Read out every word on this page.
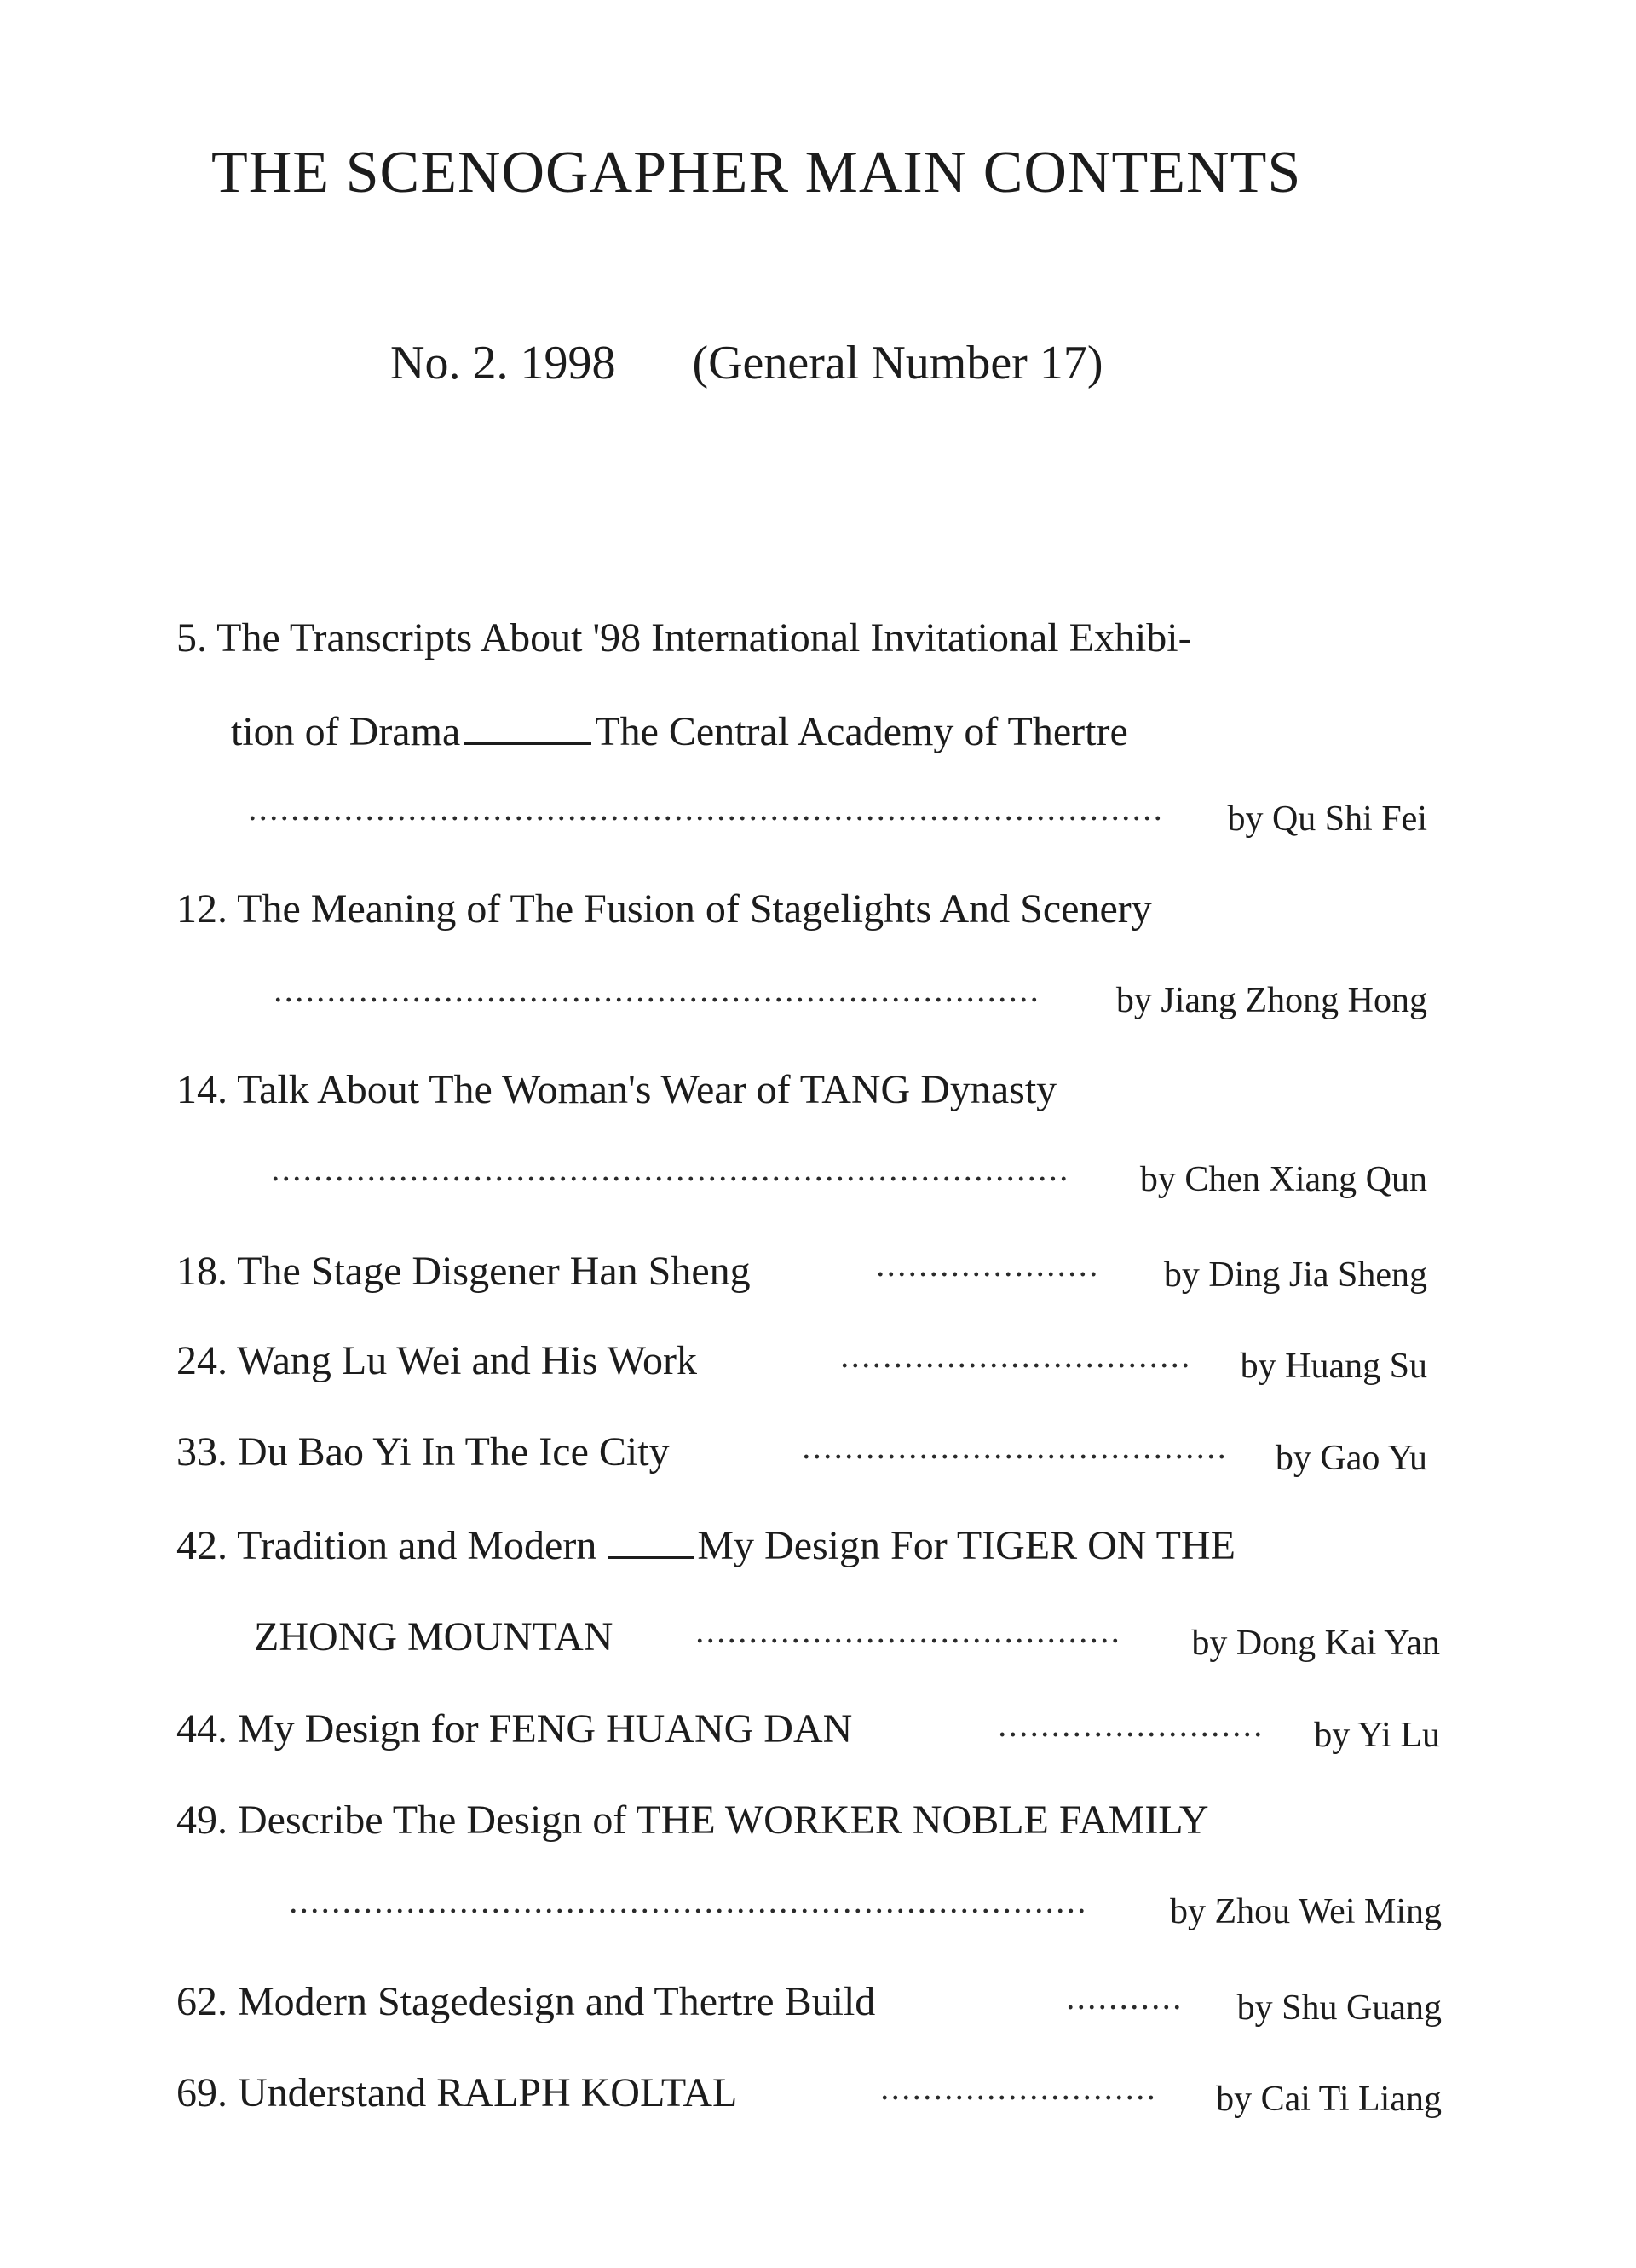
THE SCENOGAPHER MAIN CONTENTS
No. 2. 1998 (General Number 17)
5. The Transcripts About '98 International Invitational Exhibi-
tion of Drama	The Central Academy of Thertre
by Qu Shi Fei
12. The Meaning of The Fusion of Stagelights And Scenery
by Jiang Zhong Hong
14. Talk About The Woman's Wear of TANG Dynasty
by Chen Xiang Qun
18. The Stage Disgener Han Sheng	by Ding Jia Sheng
24. Wang Lu Wei and His Work	by Huang Su
33. Du Bao Yi In The Ice City	by Gao Yu
42. Tradition and Modern My Design For TIGER ON THE
ZHONG MOUNTAN	by Dong Kai Yan
44. My Design for FENG HUANG DAN	by Yi Lu
49. Describe The Design of THE WORKER NOBLE FAMILY
by Zhou Wei Ming
62. Modern Stagedesign and Thertre Build	by Shu Guang
69. Understand RALPH KOLTAL	by Cai Ti Liang
